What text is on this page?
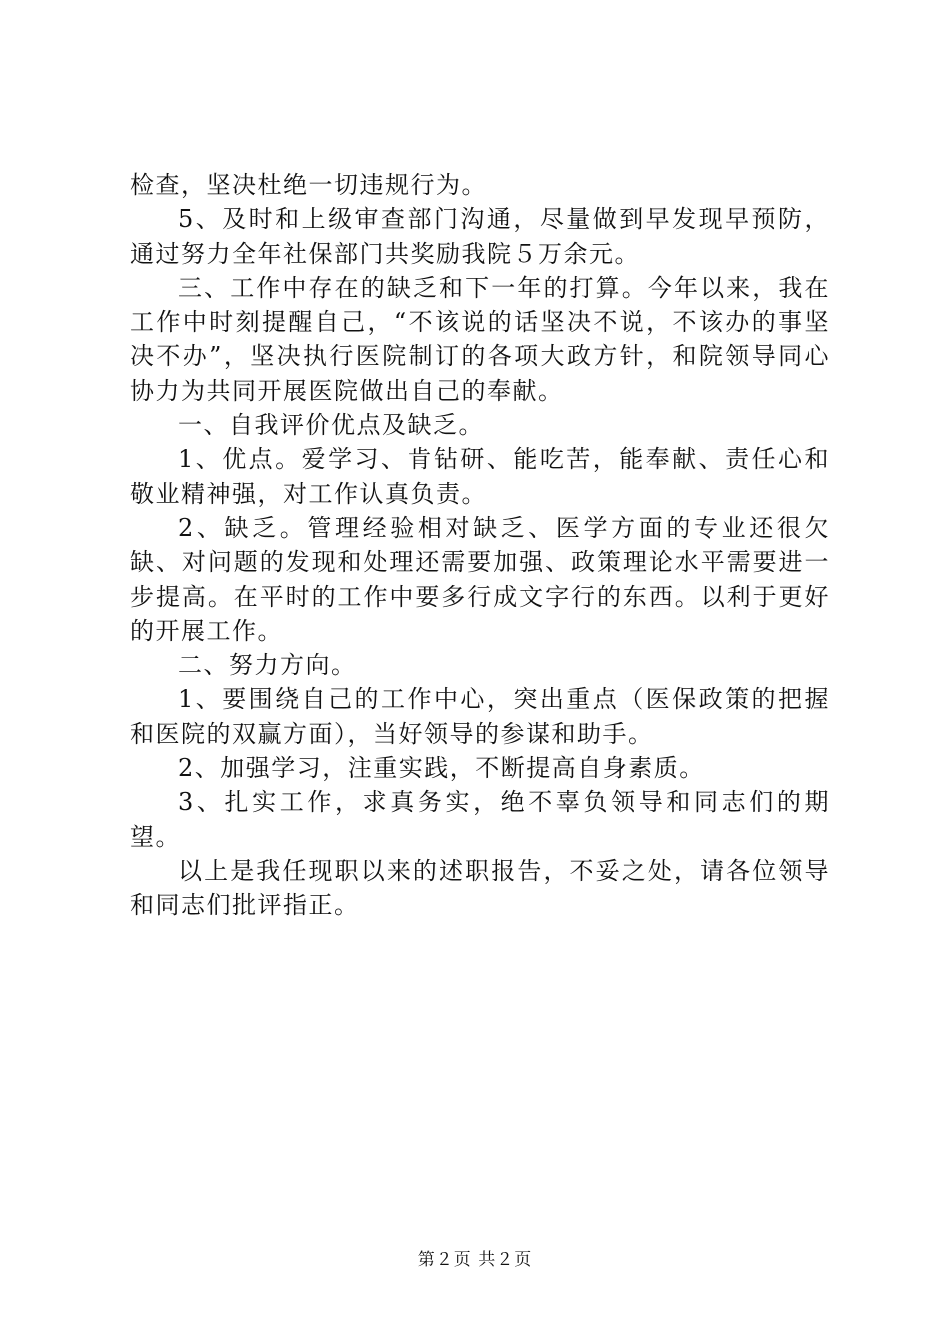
检查，坚决杜绝一切违规行为。

5、及时和上级审查部门沟通，尽量做到早发现早预防，通过努力全年社保部门共奖励我院５万余元。

三、工作中存在的缺乏和下一年的打算。今年以来，我在工作中时刻提醒自己，“不该说的话坚决不说，不该办的事坚决不办”，坚决执行医院制订的各项大政方针，和院领导同心协力为共同开展医院做出自己的奉献。

一、自我评价优点及缺乏。

1、优点。爱学习、肯钻研、能吃苦，能奉献、责任心和敬业精神强，对工作认真负责。

2、缺乏。管理经验相对缺乏、医学方面的专业还很欠缺、对问题的发现和处理还需要加强、政策理论水平需要进一步提高。在平时的工作中要多行成文字行的东西。以利于更好的开展工作。

二、努力方向。

1、要围绕自己的工作中心，突出重点（医保政策的把握和医院的双赢方面），当好领导的参谋和助手。

2、加强学习，注重实践，不断提高自身素质。

3、扎实工作，求真务实，绝不辜负领导和同志们的期望。

以上是我任现职以来的述职报告，不妥之处，请各位领导和同志们批评指正。

第２页 共２页
